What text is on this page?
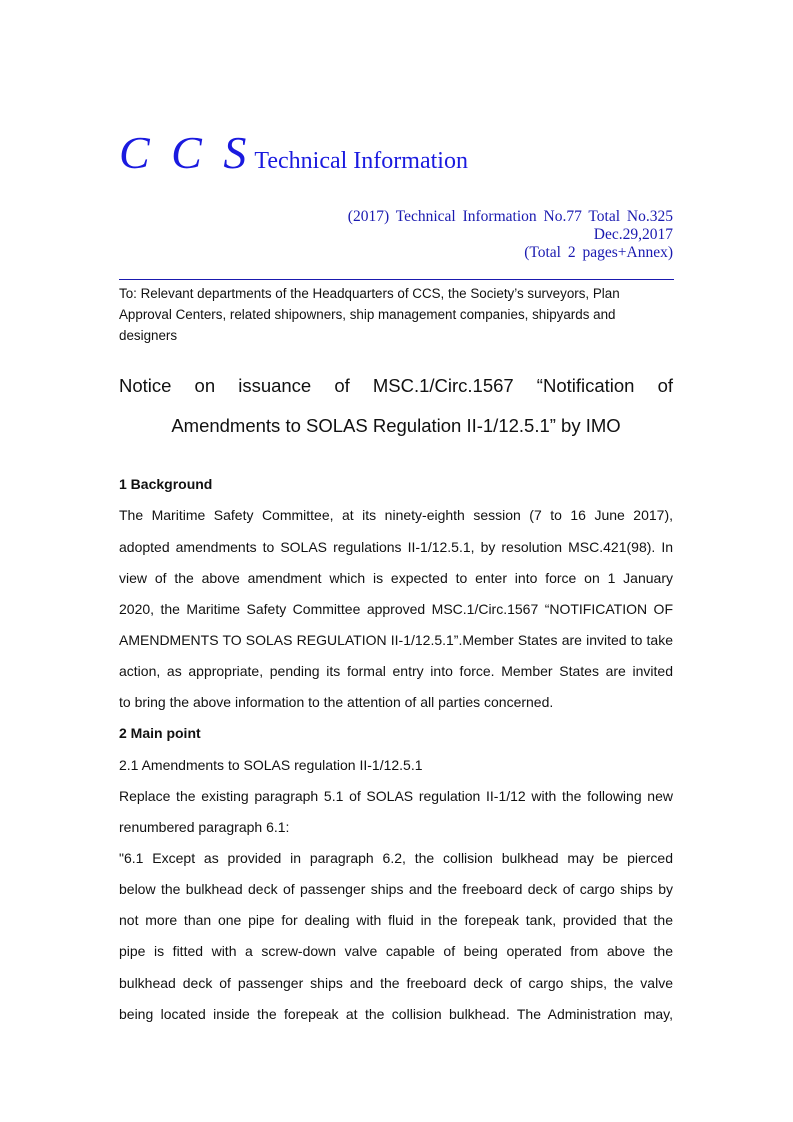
C C S Technical Information
(2017) Technical Information No.77 Total No.325
Dec.29,2017
(Total 2 pages+Annex)
To: Relevant departments of the Headquarters of CCS, the Society’s surveyors, Plan Approval Centers, related shipowners, ship management companies, shipyards and designers
Notice on issuance of MSC.1/Circ.1567 “Notification of
Amendments to SOLAS Regulation II-1/12.5.1” by IMO
1 Background
The Maritime Safety Committee, at its ninety-eighth session (7 to 16 June 2017),
adopted amendments to SOLAS regulations II-1/12.5.1, by resolution MSC.421(98). In
view of the above amendment which is expected to enter into force on 1 January
2020, the Maritime Safety Committee approved MSC.1/Circ.1567 “NOTIFICATION OF
AMENDMENTS TO SOLAS REGULATION II-1/12.5.1”.Member States are invited to take
action, as appropriate, pending its formal entry into force. Member States are invited
to bring the above information to the attention of all parties concerned.
2 Main point
2.1 Amendments to SOLAS regulation II-1/12.5.1
Replace the existing paragraph 5.1 of SOLAS regulation II-1/12 with the following new
renumbered paragraph 6.1:
"6.1 Except as provided in paragraph 6.2, the collision bulkhead may be pierced
below the bulkhead deck of passenger ships and the freeboard deck of cargo ships by
not more than one pipe for dealing with fluid in the forepeak tank, provided that the
pipe is fitted with a screw-down valve capable of being operated from above the
bulkhead deck of passenger ships and the freeboard deck of cargo ships, the valve
being located inside the forepeak at the collision bulkhead. The Administration may,
